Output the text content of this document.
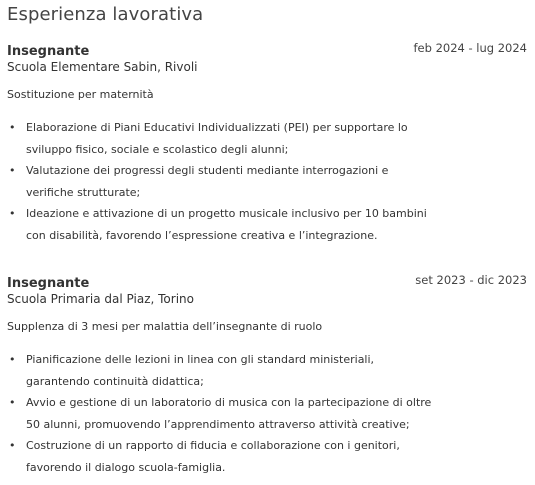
Esperienza lavorativa
Insegnante	feb 2024 - lug 2024
Scuola Elementare Sabin, Rivoli
Sostituzione per maternità
• Elaborazione di Piani Educativi Individualizzati (PEI) per supportare lo sviluppo fisico, sociale e scolastico degli alunni;
• Valutazione dei progressi degli studenti mediante interrogazioni e verifiche strutturate;
• Ideazione e attivazione di un progetto musicale inclusivo per 10 bambini con disabilità, favorendo l’espressione creativa e l’integrazione.
Insegnante	set 2023 - dic 2023
Scuola Primaria dal Piaz, Torino
Supplenza di 3 mesi per malattia dell’insegnante di ruolo
• Pianificazione delle lezioni in linea con gli standard ministeriali, garantendo continuità didattica;
• Avvio e gestione di un laboratorio di musica con la partecipazione di oltre 50 alunni, promuovendo l’apprendimento attraverso attività creative;
• Costruzione di un rapporto di fiducia e collaborazione con i genitori, favorendo il dialogo scuola-famiglia.
